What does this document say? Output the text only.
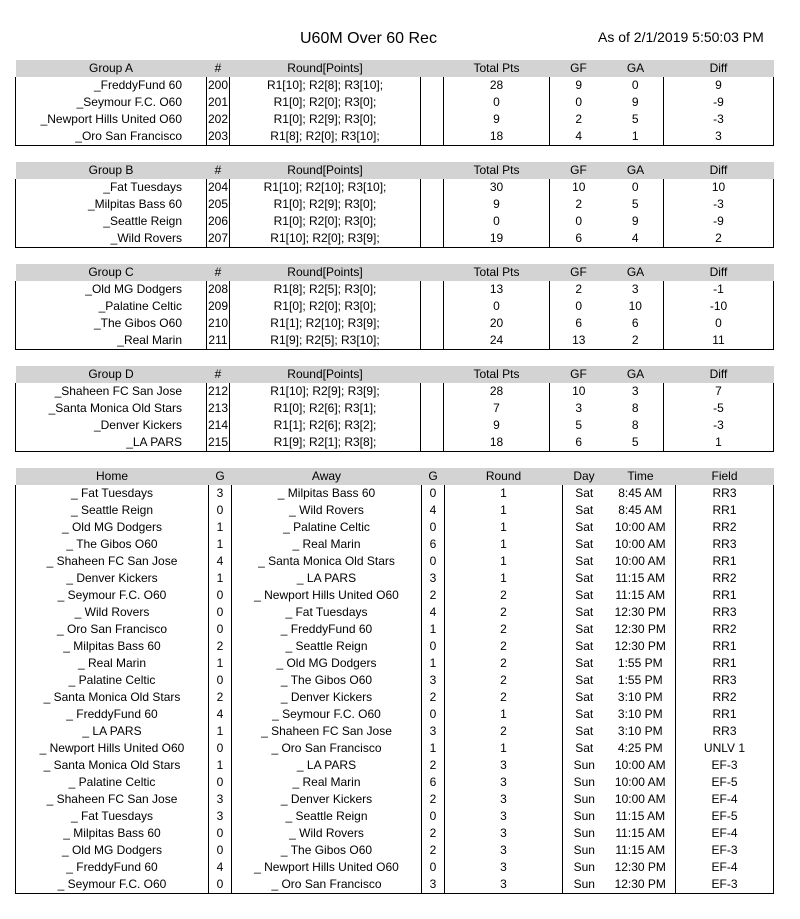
U60M Over 60 Rec	As of 2/1/2019 5:50:03 PM
Group A	#	Round[Points]		Total Pts	GF	GA	Diff
_FreddyFund 60	200	R1[10]; R2[8]; R3[10];		28	9	0	9
_Seymour F.C. O60	201	R1[0]; R2[0]; R3[0];		0	0	9	-9
_Newport Hills United O60	202	R1[0]; R2[9]; R3[0];		9	2	5	-3
_Oro San Francisco	203	R1[8]; R2[0]; R3[10];		18	4	1	3
Group B	#	Round[Points]		Total Pts	GF	GA	Diff
_Fat Tuesdays	204	R1[10]; R2[10]; R3[10];		30	10	0	10
_Milpitas Bass 60	205	R1[0]; R2[9]; R3[0];		9	2	5	-3
_Seattle Reign	206	R1[0]; R2[0]; R3[0];		0	0	9	-9
_Wild Rovers	207	R1[10]; R2[0]; R3[9];		19	6	4	2
Group C	#	Round[Points]		Total Pts	GF	GA	Diff
_Old MG Dodgers	208	R1[8]; R2[5]; R3[0];		13	2	3	-1
_Palatine Celtic	209	R1[0]; R2[0]; R3[0];		0	0	10	-10
_The Gibos O60	210	R1[1]; R2[10]; R3[9];		20	6	6	0
_Real Marin	211	R1[9]; R2[5]; R3[10];		24	13	2	11
Group D	#	Round[Points]		Total Pts	GF	GA	Diff
_Shaheen FC San Jose	212	R1[10]; R2[9]; R3[9];		28	10	3	7
_Santa Monica Old Stars	213	R1[0]; R2[6]; R3[1];		7	3	8	-5
_Denver Kickers	214	R1[1]; R2[6]; R3[2];		9	5	8	-3
_LA PARS	215	R1[9]; R2[1]; R3[8];		18	6	5	1
Home	G	Away	G	Round	Day	Time	Field
_ Fat Tuesdays	3	_ Milpitas Bass 60	0	1	Sat	8:45 AM	RR3
_ Seattle Reign	0	_ Wild Rovers	4	1	Sat	8:45 AM	RR1
_ Old MG Dodgers	1	_ Palatine Celtic	0	1	Sat	10:00 AM	RR2
_ The Gibos O60	1	_ Real Marin	6	1	Sat	10:00 AM	RR3
_ Shaheen FC San Jose	4	_ Santa Monica Old Stars	0	1	Sat	10:00 AM	RR1
_ Denver Kickers	1	_ LA PARS	3	1	Sat	11:15 AM	RR2
_ Seymour F.C. O60	0	_ Newport Hills United O60	2	2	Sat	11:15 AM	RR1
_ Wild Rovers	0	_ Fat Tuesdays	4	2	Sat	12:30 PM	RR3
_ Oro San Francisco	0	_ FreddyFund 60	1	2	Sat	12:30 PM	RR2
_ Milpitas Bass 60	2	_ Seattle Reign	0	2	Sat	12:30 PM	RR1
_ Real Marin	1	_ Old MG Dodgers	1	2	Sat	1:55 PM	RR1
_ Palatine Celtic	0	_ The Gibos O60	3	2	Sat	1:55 PM	RR3
_ Santa Monica Old Stars	2	_ Denver Kickers	2	2	Sat	3:10 PM	RR2
_ FreddyFund 60	4	_ Seymour F.C. O60	0	1	Sat	3:10 PM	RR1
_ LA PARS	1	_ Shaheen FC San Jose	3	2	Sat	3:10 PM	RR3
_ Newport Hills United O60	0	_ Oro San Francisco	1	1	Sat	4:25 PM	UNLV 1
_ Santa Monica Old Stars	1	_ LA PARS	2	3	Sun	10:00 AM	EF-3
_ Palatine Celtic	0	_ Real Marin	6	3	Sun	10:00 AM	EF-5
_ Shaheen FC San Jose	3	_ Denver Kickers	2	3	Sun	10:00 AM	EF-4
_ Fat Tuesdays	3	_ Seattle Reign	0	3	Sun	11:15 AM	EF-5
_ Milpitas Bass 60	0	_ Wild Rovers	2	3	Sun	11:15 AM	EF-4
_ Old MG Dodgers	0	_ The Gibos O60	2	3	Sun	11:15 AM	EF-3
_ FreddyFund 60	4	_ Newport Hills United O60	0	3	Sun	12:30 PM	EF-4
_ Seymour F.C. O60	0	_ Oro San Francisco	3	3	Sun	12:30 PM	EF-3
